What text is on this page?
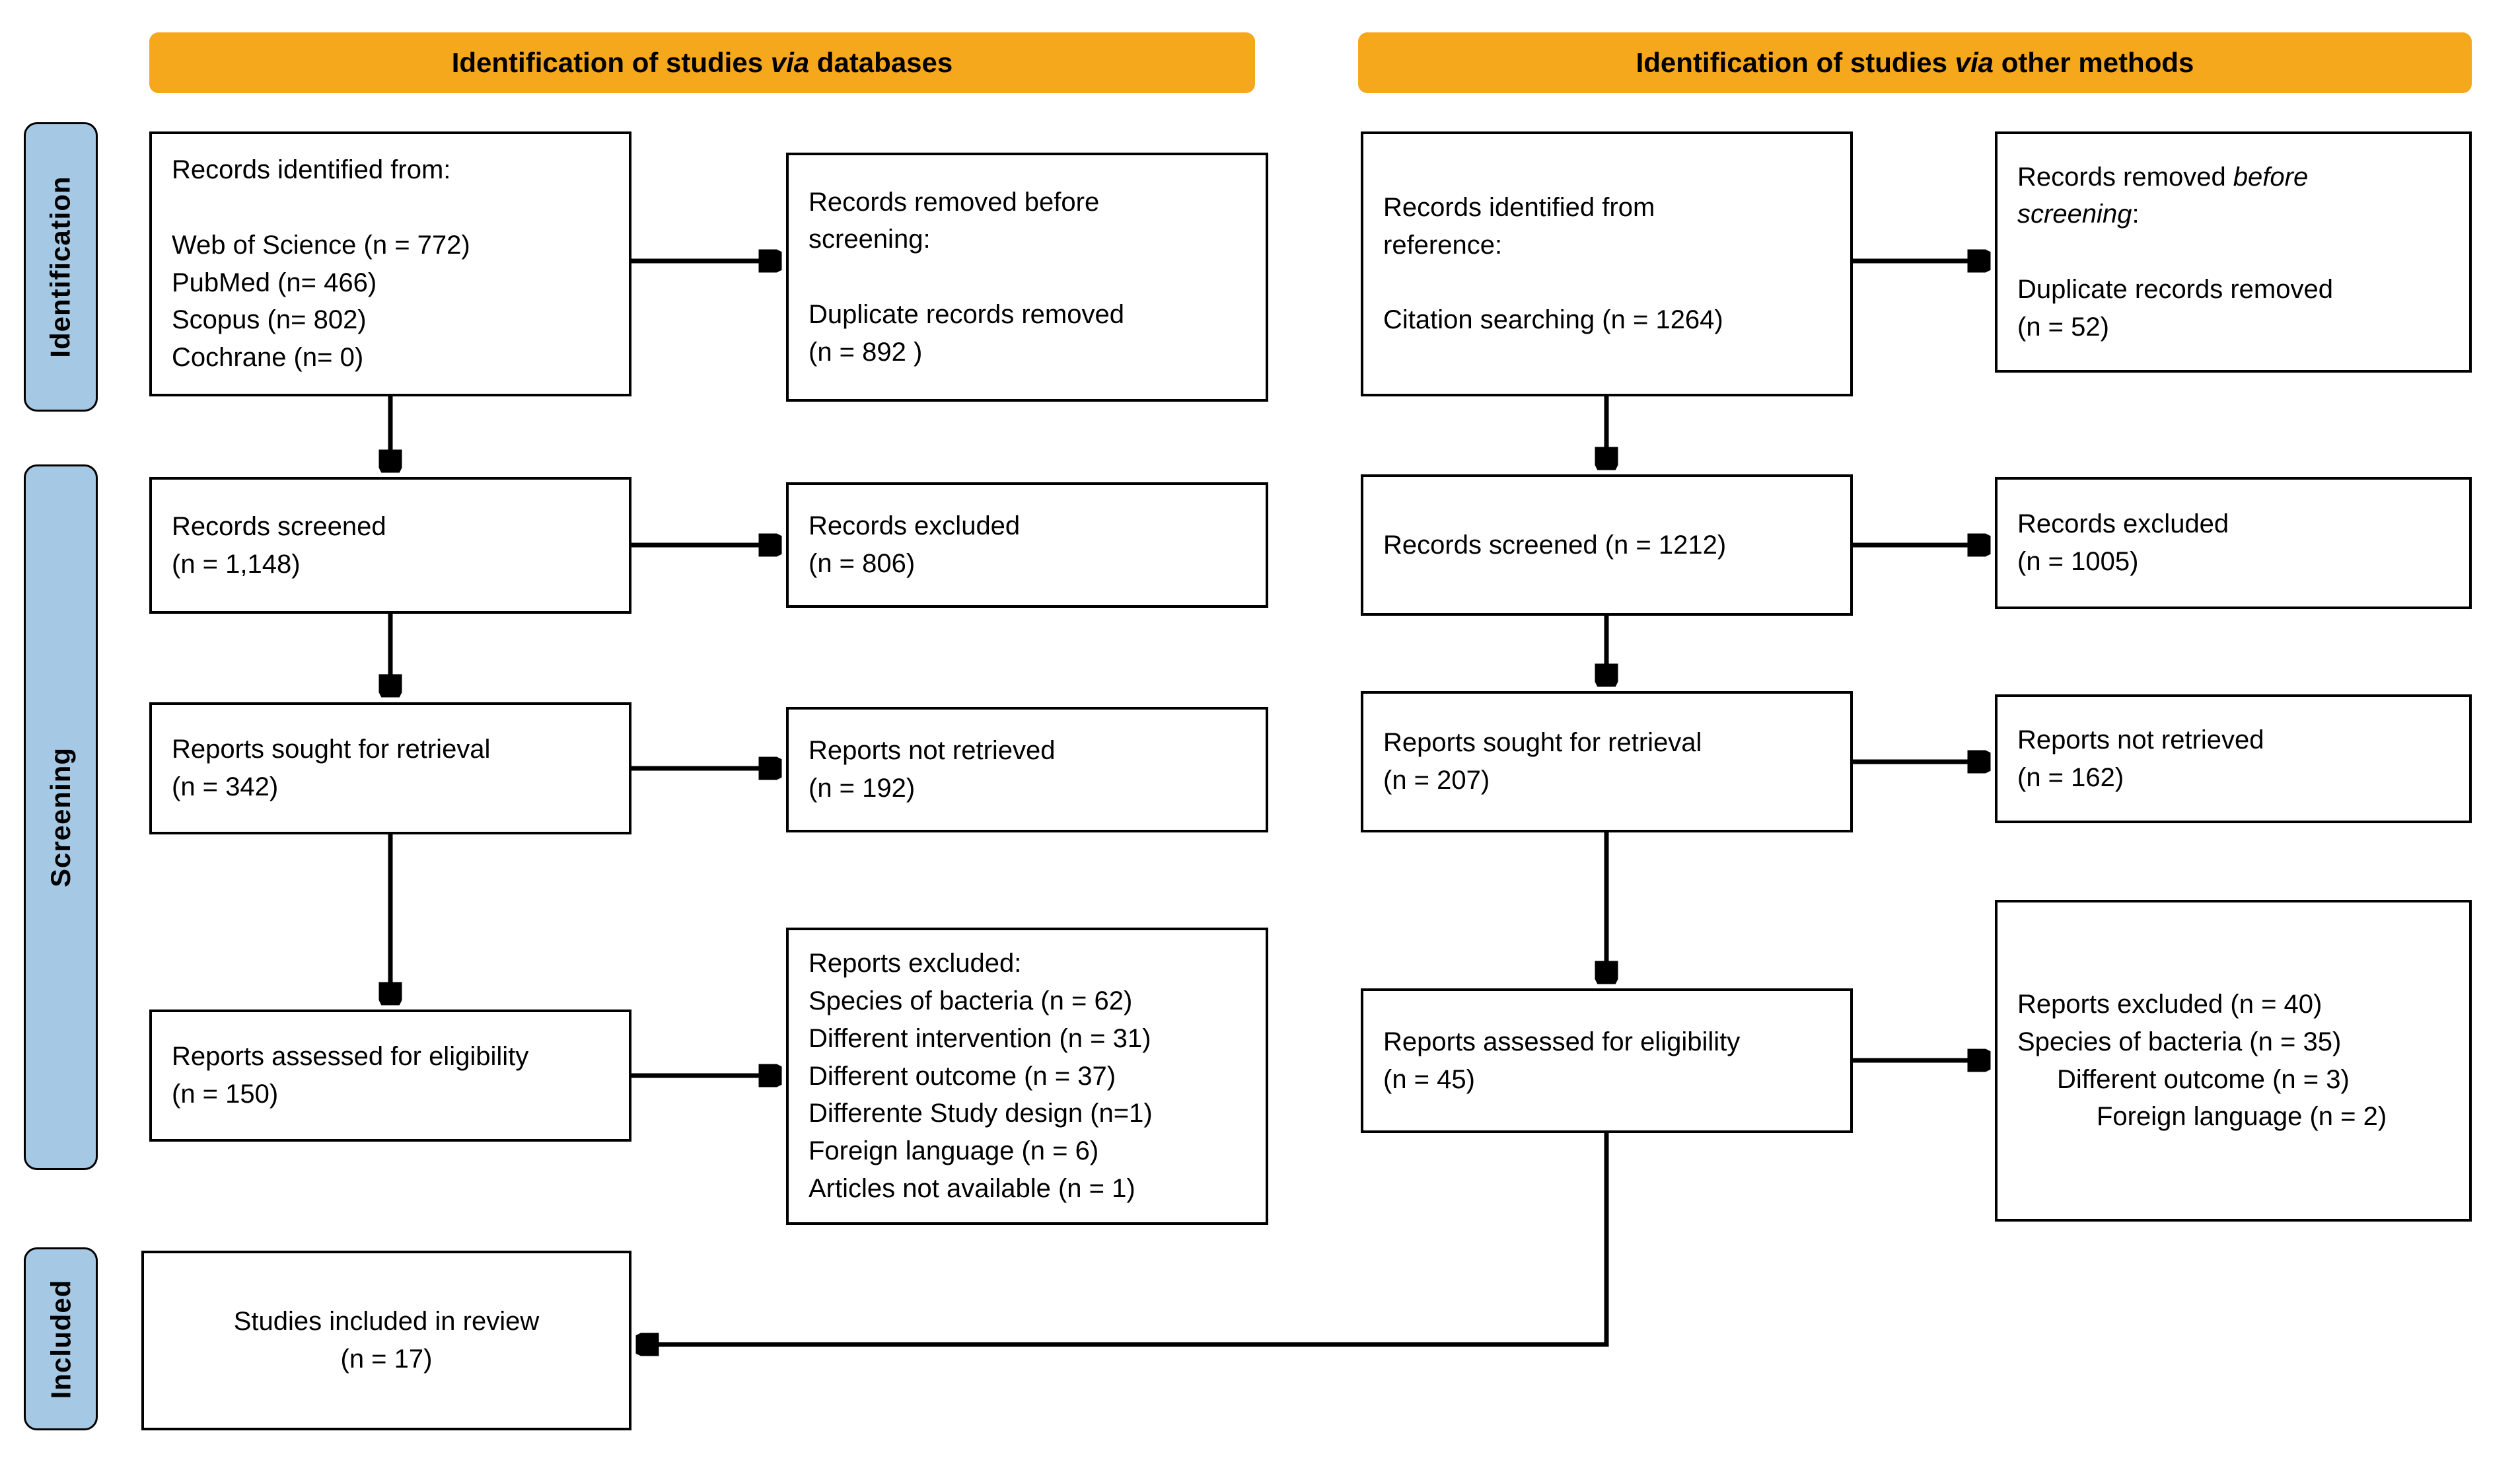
Identification of studies via databases	Identification of studies via other methods
Identification
Screening
Included
Records identified from:

Web of Science (n = 772)
PubMed (n= 466)
Scopus (n= 802)
Cochrane (n= 0)
Records removed before
screening:

Duplicate records removed
(n = 892 )
Records screened
(n = 1,148)
Records excluded
(n = 806)
Reports sought for retrieval
(n = 342)
Reports not retrieved
(n = 192)
Reports assessed for eligibility
(n = 150)
Reports excluded:
Species of bacteria (n = 62)
Different intervention (n = 31)
Different outcome (n = 37)
Differente Study design (n=1)
Foreign language (n = 6)
Articles not available (n = 1)
Studies included in review
(n = 17)
Records identified from
reference:

Citation searching (n = 1264)
Records removed before
screening:

Duplicate records removed
(n = 52)
Records screened (n = 1212)
Records excluded
(n = 1005)
Reports sought for retrieval
(n = 207)
Reports not retrieved
(n = 162)
Reports assessed for eligibility
(n = 45)
Reports excluded (n = 40)
Species of bacteria (n = 35)
Different outcome (n = 3)
Foreign language (n = 2)
